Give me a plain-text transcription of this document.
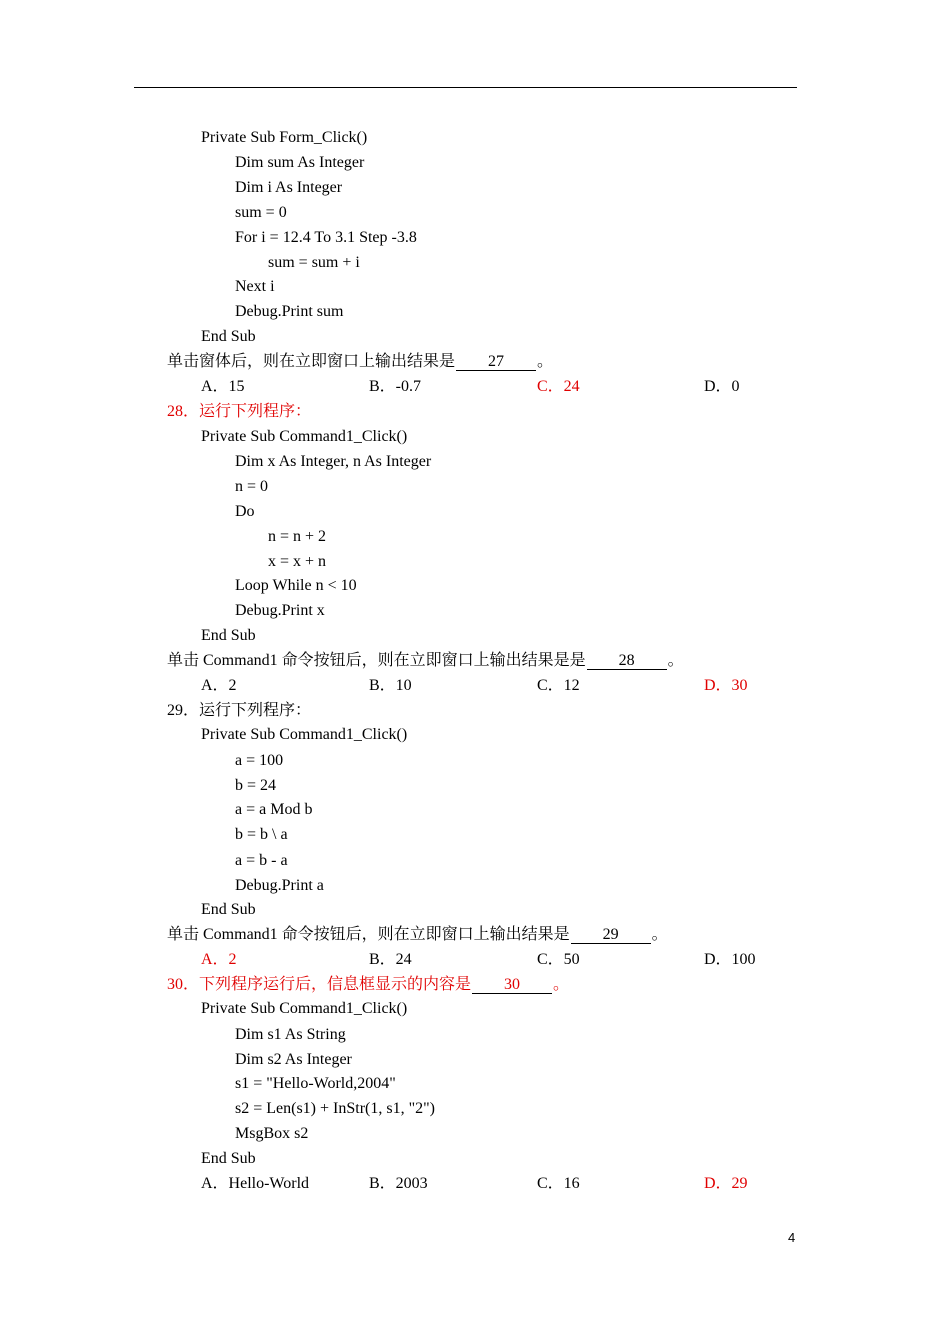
Private Sub Form_Click()
Dim sum As Integer
Dim i As Integer
sum = 0
For i = 12.4 To 3.1 Step -3.8
sum = sum + i
Next i
Debug.Print sum
End Sub
单击窗体后，则在立即窗口上输出结果是 27 。
A．15	B．-0.7	C．24	D．0
28．运行下列程序：
Private Sub Command1_Click()
Dim x As Integer, n As Integer
n = 0
Do
n = n + 2
x = x + n
Loop While n < 10
Debug.Print x
End Sub
单击 Command1 命令按钮后，则在立即窗口上输出结果是是 28 。
A．2	B．10	C．12	D．30
29．运行下列程序：
Private Sub Command1_Click()
a = 100
b = 24
a = a Mod b
b = b \ a
a = b - a
Debug.Print a
End Sub
单击 Command1 命令按钮后，则在立即窗口上输出结果是 29 。
A．2	B．24	C．50	D．100
30．下列程序运行后，信息框显示的内容是 30 。
Private Sub Command1_Click()
Dim s1 As String
Dim s2 As Integer
s1 = "Hello-World,2004"
s2 = Len(s1) + InStr(1, s1, "2")
MsgBox s2
End Sub
A．Hello-World	B．2003	C．16	D．29
4
